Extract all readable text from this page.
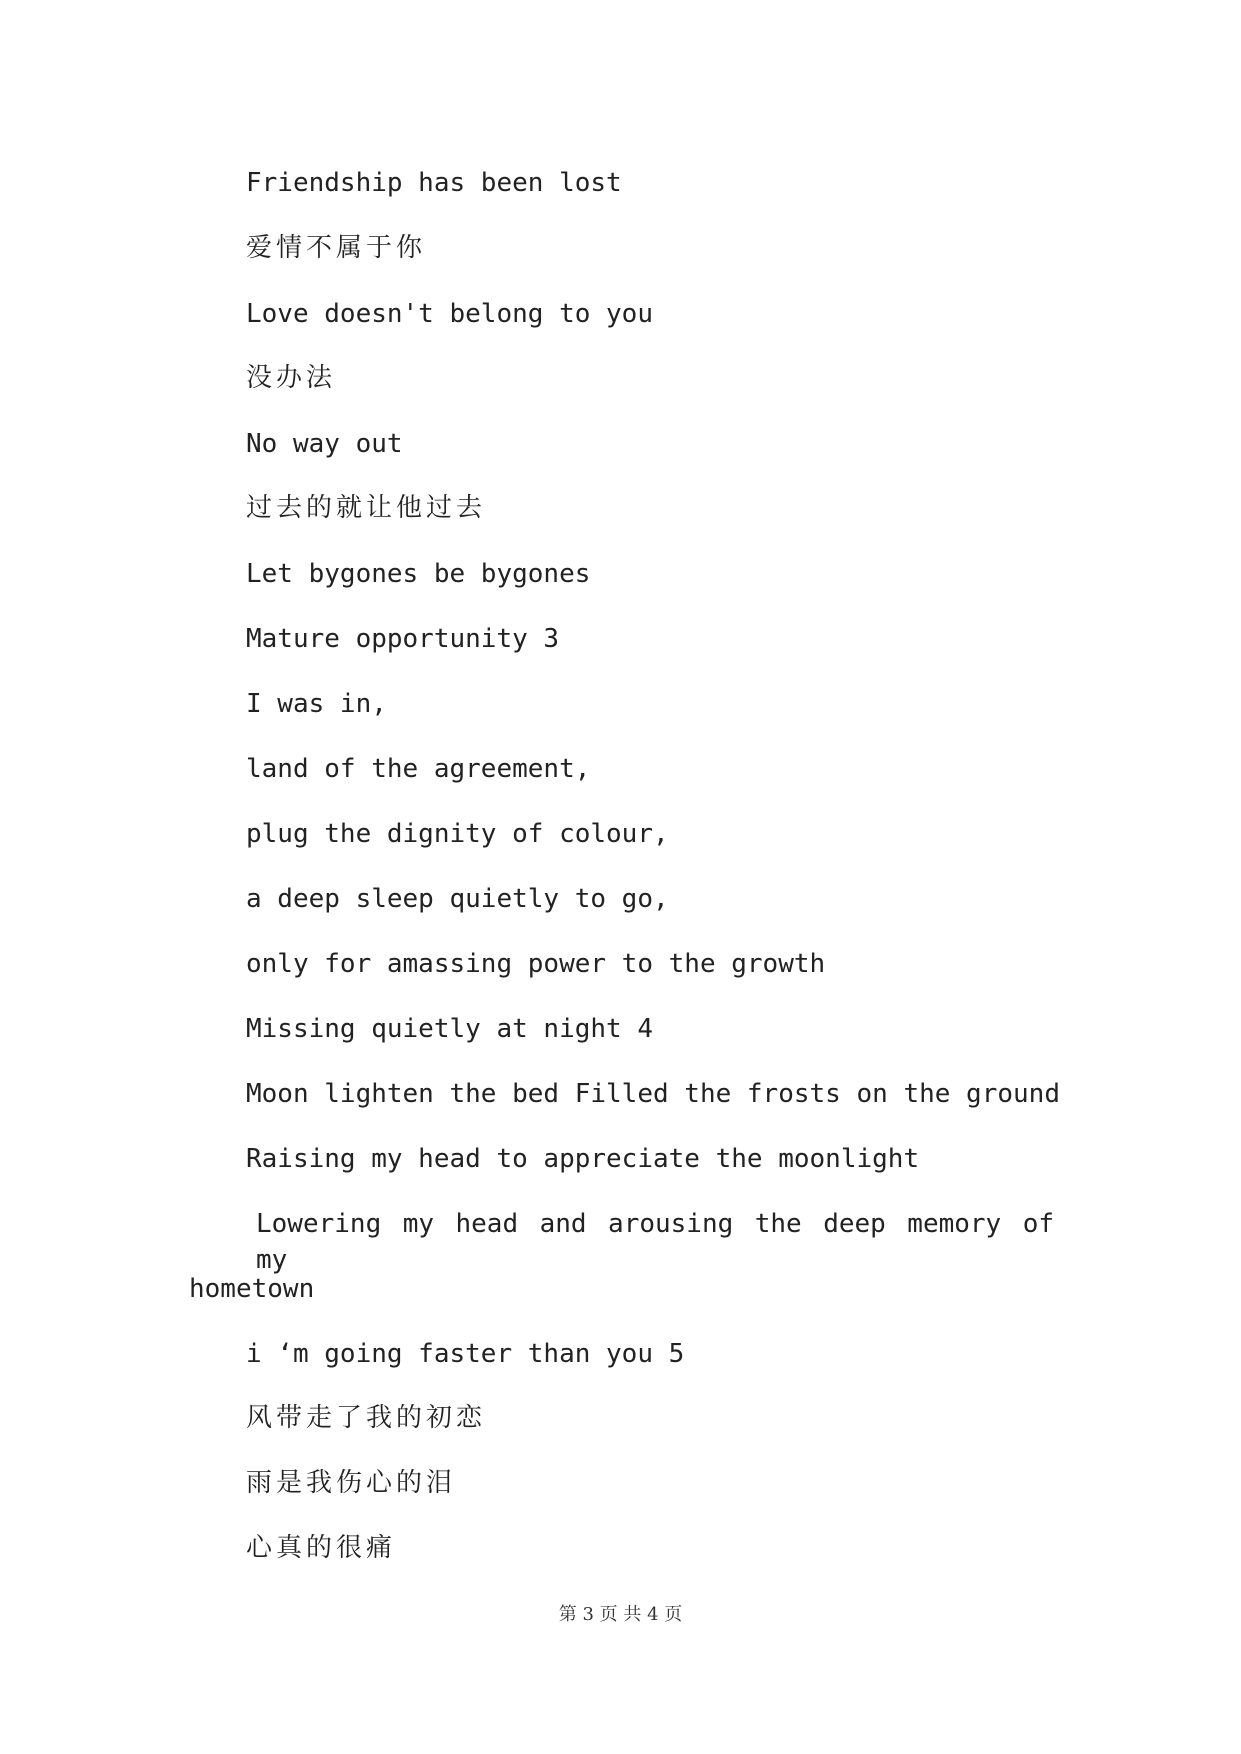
Friendship has been lost
爱情不属于你
Love doesn't belong to you
没办法
No way out
过去的就让他过去
Let bygones be bygones
Mature opportunity 3
I was in,
land of the agreement,
plug the dignity of colour,
a deep sleep quietly to go,
only for amassing power to the growth
Missing quietly at night 4
Moon lighten the bed Filled the frosts on the ground
Raising my head to appreciate the moonlight
Lowering my head and arousing the deep memory of my
hometown
i ‘m going faster than you 5
风带走了我的初恋
雨是我伤心的泪
心真的很痛
第 3 页 共 4 页
